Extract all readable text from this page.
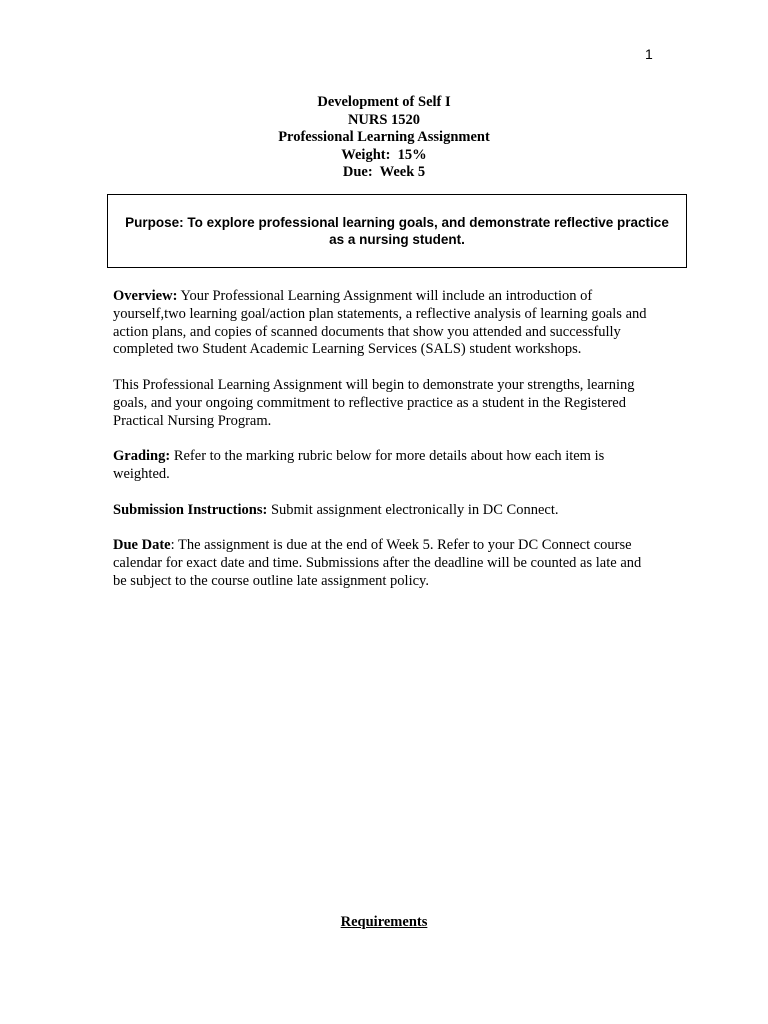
1
Development of Self I
NURS 1520
Professional Learning Assignment
Weight:  15%
Due:  Week 5
Purpose: To explore professional learning goals, and demonstrate reflective practice as a nursing student.

Overview: Your Professional Learning Assignment will include an introduction of yourself,two learning goal/action plan statements, a reflective analysis of learning goals and action plans, and copies of scanned documents that show you attended and successfully completed two Student Academic Learning Services (SALS) student workshops.

This Professional Learning Assignment will begin to demonstrate your strengths, learning goals, and your ongoing commitment to reflective practice as a student in the Registered Practical Nursing Program.

Grading: Refer to the marking rubric below for more details about how each item is weighted.

Submission Instructions: Submit assignment electronically in DC Connect.

Due Date: The assignment is due at the end of Week 5. Refer to your DC Connect course calendar for exact date and time. Submissions after the deadline will be counted as late and be subject to the course outline late assignment policy.

Requirements
